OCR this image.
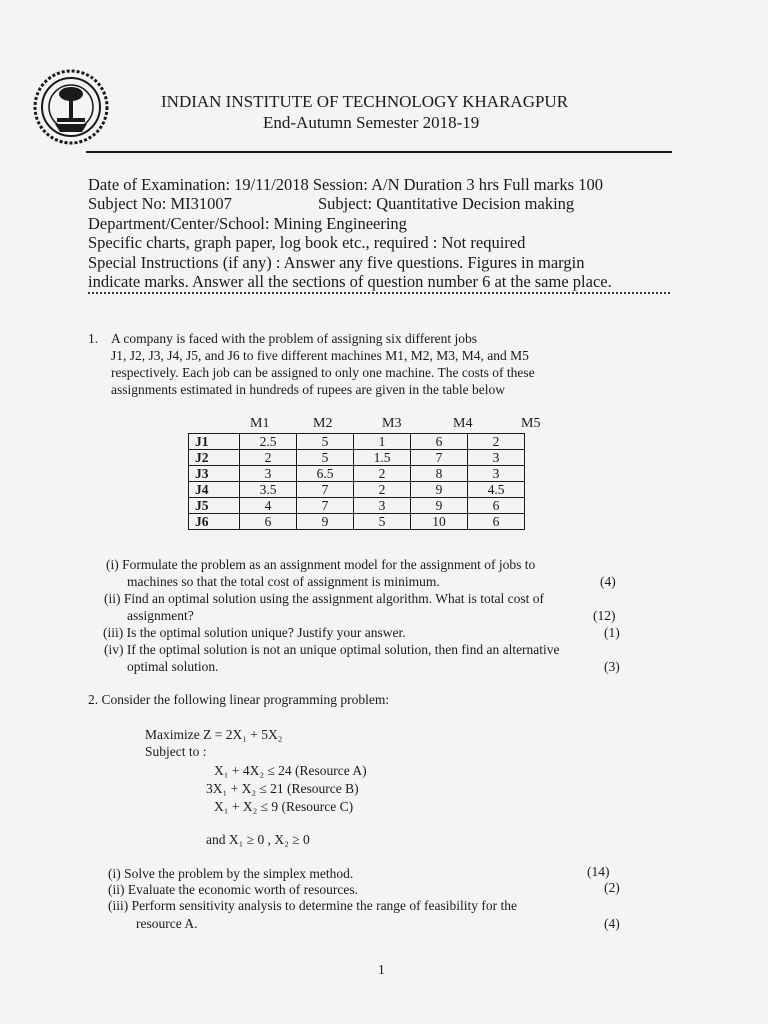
INDIAN INSTITUTE OF TECHNOLOGY KHARAGPUR
End-Autumn Semester 2018-19
Date of Examination: 19/11/2018 Session: A/N Duration 3 hrs Full marks 100
Subject No: MI31007	Subject: Quantitative Decision making
Department/Center/School: Mining Engineering
Specific charts, graph paper, log book etc., required : Not required
Special Instructions (if any) : Answer any five questions. Figures in margin
indicate marks. Answer all the sections of question number 6 at the same place.
1. A company is faced with the problem of assigning six different jobs
J1, J2, J3, J4, J5, and J6 to five different machines M1, M2, M3, M4, and M5
respectively. Each job can be assigned to only one machine. The costs of these
assignments estimated in hundreds of rupees are given in the table below
M1	M2	M3	M4	M5
J1	2.5	5	1	6	2
J2	2	5	1.5	7	3
J3	3	6.5	2	8	3
J4	3.5	7	2	9	4.5
J5	4	7	3	9	6
J6	6	9	5	10	6
(i) Formulate the problem as an assignment model for the assignment of jobs to
machines so that the total cost of assignment is minimum.	(4)
(ii) Find an optimal solution using the assignment algorithm. What is total cost of
assignment?	(12)
(iii) Is the optimal solution unique? Justify your answer.	(1)
(iv) If the optimal solution is not an unique optimal solution, then find an alternative
optimal solution.	(3)
2. Consider the following linear programming problem:
Maximize Z = 2X₁ + 5X₂
Subject to :
X₁ + 4X₂ ≤ 24 (Resource A)
3X₁ + X₂ ≤ 21 (Resource B)
X₁ + X₂ ≤ 9 (Resource C)
and X₁ ≥ 0 , X₂ ≥ 0
(i) Solve the problem by the simplex method.	(14)
(ii) Evaluate the economic worth of resources.	(2)
(iii) Perform sensitivity analysis to determine the range of feasibility for the
resource A.	(4)
1
